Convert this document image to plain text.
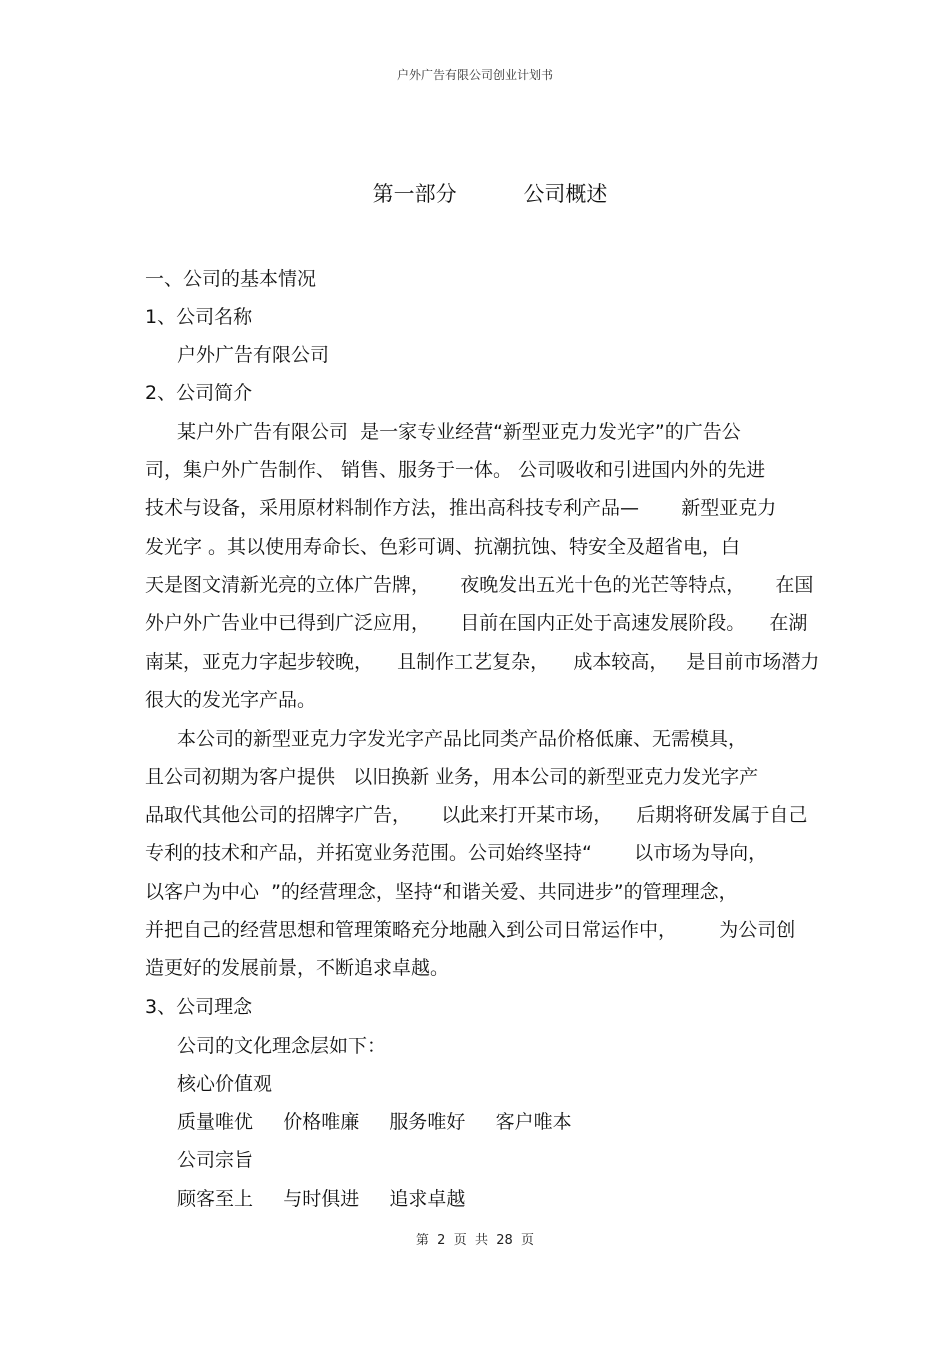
户外广告有限公司创业计划书
第一部分          公司概述
一、公司的基本情况
1、公司名称
户外广告有限公司
2、公司简介
某户外广告有限公司  是一家专业经营“新型亚克力发光字”的广告公
司，集户外广告制作、 销售、服务于一体。 公司吸收和引进国内外的先进
技术与设备，采用原材料制作方法，推出高科技专利产品—       新型亚克力
发光字 。其以使用寿命长、色彩可调、抗潮抗蚀、特安全及超省电，白
天是图文清新光亮的立体广告牌，     夜晚发出五光十色的光芒等特点，     在国
外户外广告业中已得到广泛应用，     目前在国内正处于高速发展阶段。    在湖
南某，亚克力字起步较晚，    且制作工艺复杂，    成本较高，   是目前市场潜力
很大的发光字产品。
本公司的新型亚克力字发光字产品比同类产品价格低廉、无需模具，
且公司初期为客户提供   以旧换新 业务，用本公司的新型亚克力发光字产
品取代其他公司的招牌字广告，     以此来打开某市场，    后期将研发属于自己
专利的技术和产品，并拓宽业务范围。公司始终坚持“       以市场为导向，
以客户为中心  ”的经营理念，坚持“和谐关爱、共同进步”的管理理念，
并把自己的经营思想和管理策略充分地融入到公司日常运作中，       为公司创
造更好的发展前景，不断追求卓越。
3、公司理念
公司的文化理念层如下：
核心价值观
质量唯优     价格唯廉     服务唯好     客户唯本
公司宗旨
顾客至上     与时俱进     追求卓越
第  2  页  共  28  页
